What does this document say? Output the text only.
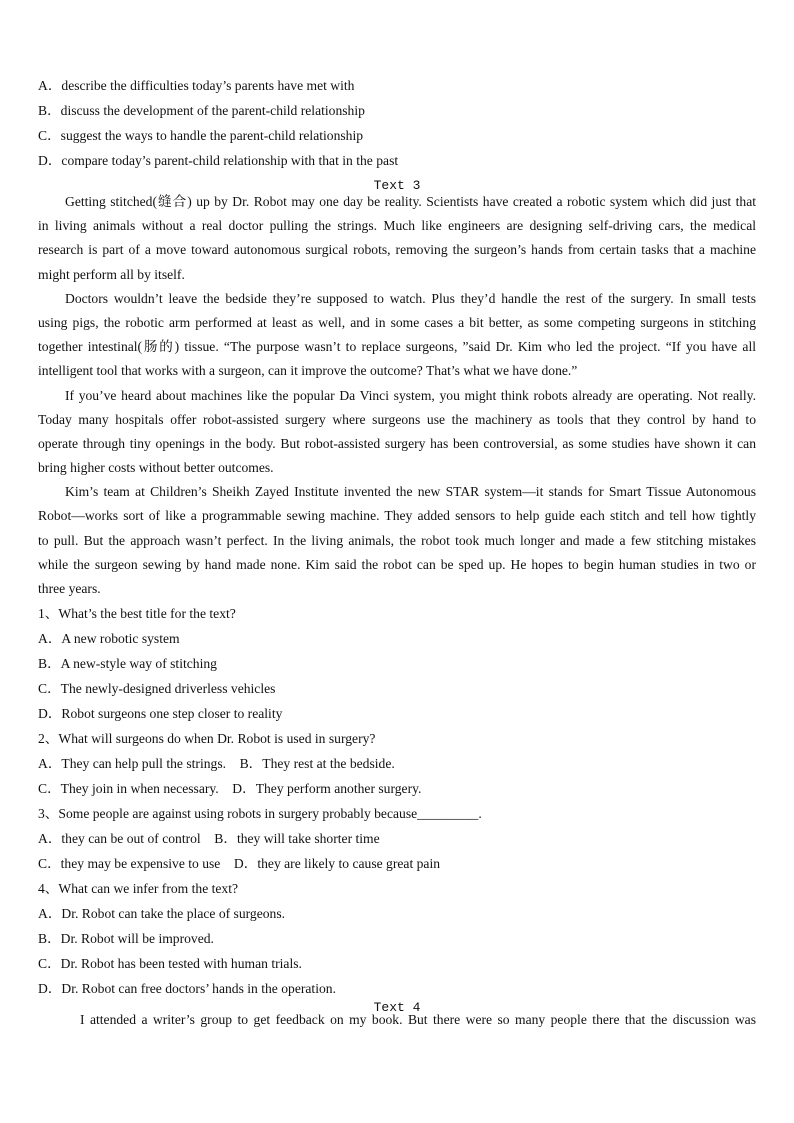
A．describe the difficulties today’s parents have met with
B．discuss the development of the parent-child relationship
C．suggest the ways to handle the parent-child relationship
D．compare today’s parent-child relationship with that in the past
Text 3
Getting stitched(缝合) up by Dr. Robot may one day be reality. Scientists have created a robotic system which did just that
in living animals without a real doctor pulling the strings. Much like engineers are designing self-driving cars, the medical
research is part of a move toward autonomous surgical robots, removing the surgeon’s hands from certain tasks that a machine
might perform all by itself.
Doctors wouldn’t leave the bedside they’re supposed to watch. Plus they’d handle the rest of the surgery. In small tests
using pigs, the robotic arm performed at least as well, and in some cases a bit better, as some competing surgeons in stitching
together intestinal(肠的) tissue. “The purpose wasn’t to replace surgeons, ”said Dr. Kim who led the project. “If you have all
intelligent tool that works with a surgeon, can it improve the outcome? That’s what we have done.”
If you’ve heard about machines like the popular Da Vinci system, you might think robots already are operating. Not really.
Today many hospitals offer robot-assisted surgery where surgeons use the machinery as tools that they control by hand to
operate through tiny openings in the body. But robot-assisted surgery has been controversial, as some studies have shown it can
bring higher costs without better outcomes.
Kim’s team at Children’s Sheikh Zayed Institute invented the new STAR system—it stands for Smart Tissue Autonomous
Robot—works sort of like a programmable sewing machine. They added sensors to help guide each stitch and tell how tightly
to pull. But the approach wasn’t perfect. In the living animals, the robot took much longer and made a few stitching mistakes
while the surgeon sewing by hand made none. Kim said the robot can be sped up. He hopes to begin human studies in two or
three years.
1、What’s the best title for the text?
A．A new robotic system
B．A new-style way of stitching
C．The newly-designed driverless vehicles
D．Robot surgeons one step closer to reality
2、What will surgeons do when Dr. Robot is used in surgery?
A．They can help pull the strings.    B．They rest at the bedside.
C．They join in when necessary.    D．They perform another surgery.
3、Some people are against using robots in surgery probably because_________.
A．they can be out of control    B．they will take shorter time
C．they may be expensive to use    D．they are likely to cause great pain
4、What can we infer from the text?
A．Dr. Robot can take the place of surgeons.
B．Dr. Robot will be improved.
C．Dr. Robot has been tested with human trials.
D．Dr. Robot can free doctors’ hands in the operation.
Text 4
I attended a writer’s group to get feedback on my book. But there were so many people there that the discussion was
